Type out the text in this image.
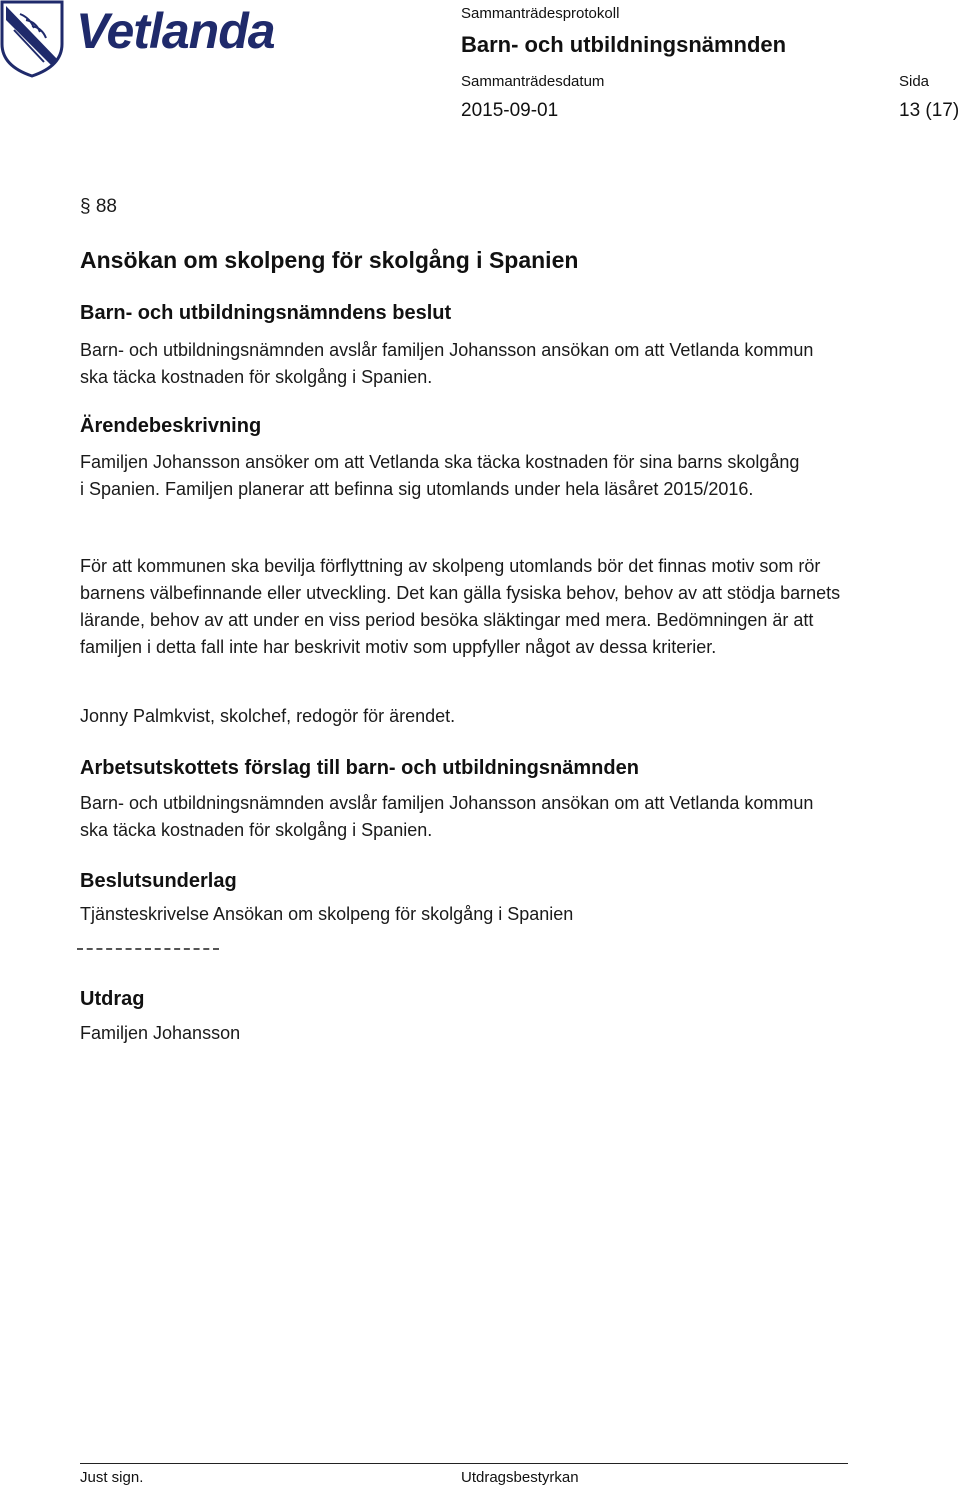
Vetlanda	Sammanträdesprotokoll
Barn- och utbildningsnämnden
Sammanträdesdatum	Sida
2015-09-01	13 (17)
§ 88
Ansökan om skolpeng för skolgång i Spanien
Barn- och utbildningsnämndens beslut

Barn- och utbildningsnämnden avslår familjen Johansson ansökan om att Vetlanda kommun ska täcka kostnaden för skolgång i Spanien.

Ärendebeskrivning

Familjen Johansson ansöker om att Vetlanda ska täcka kostnaden för sina barns skolgång i Spanien. Familjen planerar att befinna sig utomlands under hela läsåret 2015/2016.

För att kommunen ska bevilja förflyttning av skolpeng utomlands bör det finnas motiv som rör barnens välbefinnande eller utveckling. Det kan gälla fysiska behov, behov av att stödja barnets lärande, behov av att under en viss period besöka släktingar med mera. Bedömningen är att familjen i detta fall inte har beskrivit motiv som uppfyller något av dessa kriterier.

Jonny Palmkvist, skolchef, redogör för ärendet.

Arbetsutskottets förslag till barn- och utbildningsnämnden

Barn- och utbildningsnämnden avslår familjen Johansson ansökan om att Vetlanda kommun ska täcka kostnaden för skolgång i Spanien.

Beslutsunderlag
Tjänsteskrivelse Ansökan om skolpeng för skolgång i Spanien
Utdrag
Familjen Johansson
Just sign.	Utdragsbestyrkan
